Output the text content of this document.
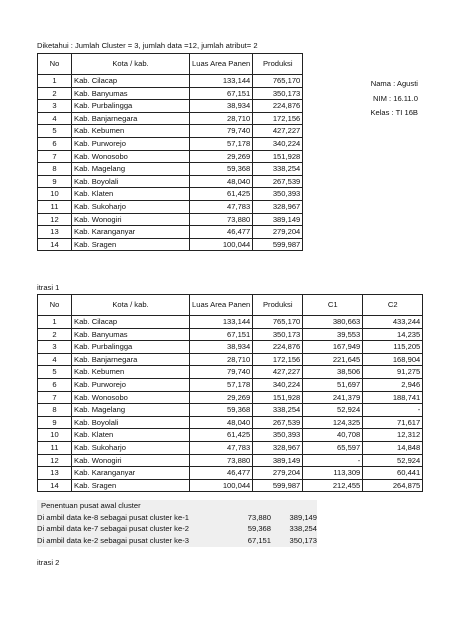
Diketahui : Jumlah Cluster = 3, jumlah data =12, jumlah atribut= 2
No	Kota / kab.	Luas Area Panen	Produksi
1	Kab. Cilacap	133,144	765,170
2	Kab. Banyumas	67,151	350,173
3	Kab. Purbalingga	38,934	224,876
4	Kab. Banjarnegara	28,710	172,156
5	Kab. Kebumen	79,740	427,227
6	Kab. Purworejo	57,178	340,224
7	Kab. Wonosobo	29,269	151,928
8	Kab. Magelang	59,368	338,254
9	Kab. Boyolali	48,040	267,539
10	Kab. Klaten	61,425	350,393
11	Kab. Sukoharjo	47,783	328,967
12	Kab. Wonogiri	73,880	389,149
13	Kab. Karanganyar	46,477	279,204
14	Kab. Sragen	100,044	599,987
Nama : Agusti
NIM : 16.11.0
Kelas : TI 16B
itrasi 1
No	Kota / kab.	Luas Area Panen	Produksi	C1	C2
1	Kab. Cilacap	133,144	765,170	380,663	433,244
2	Kab. Banyumas	67,151	350,173	39,553	14,235
3	Kab. Purbalingga	38,934	224,876	167,949	115,205
4	Kab. Banjarnegara	28,710	172,156	221,645	168,904
5	Kab. Kebumen	79,740	427,227	38,506	91,275
6	Kab. Purworejo	57,178	340,224	51,697	2,946
7	Kab. Wonosobo	29,269	151,928	241,379	188,741
8	Kab. Magelang	59,368	338,254	52,924	-
9	Kab. Boyolali	48,040	267,539	124,325	71,617
10	Kab. Klaten	61,425	350,393	40,708	12,312
11	Kab. Sukoharjo	47,783	328,967	65,597	14,848
12	Kab. Wonogiri	73,880	389,149	-	52,924
13	Kab. Karanganyar	46,477	279,204	113,309	60,441
14	Kab. Sragen	100,044	599,987	212,455	264,875
Penentuan pusat awal cluster
Di ambil data ke-8 sebagai pusat cluster ke-1	73,880	389,149
Di ambil data ke-7 sebagai pusat cluster ke-2	59,368	338,254
Di ambil data ke-2 sebagai pusat cluster ke-3	67,151	350,173
itrasi 2
